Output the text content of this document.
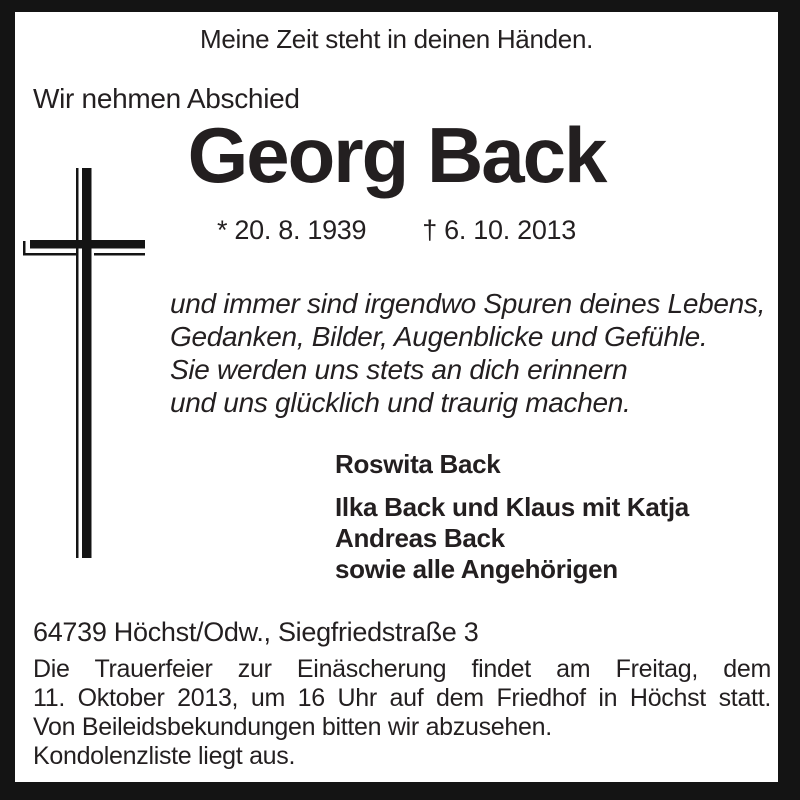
Meine Zeit steht in deinen Händen.
Wir nehmen Abschied
Georg Back
* 20. 8. 1939 † 6. 10. 2013
und immer sind irgendwo Spuren deines Lebens,
Gedanken, Bilder, Augenblicke und Gefühle.
Sie werden uns stets an dich erinnern
und uns glücklich und traurig machen.
Roswita Back
Ilka Back und Klaus mit Katja
Andreas Back
sowie alle Angehörigen
64739 Höchst/Odw., Siegfriedstraße 3
Die Trauerfeier zur Einäscherung findet am Freitag, dem
11. Oktober 2013, um 16 Uhr auf dem Friedhof in Höchst statt.
Von Beileidsbekundungen bitten wir abzusehen.
Kondolenzliste liegt aus.
